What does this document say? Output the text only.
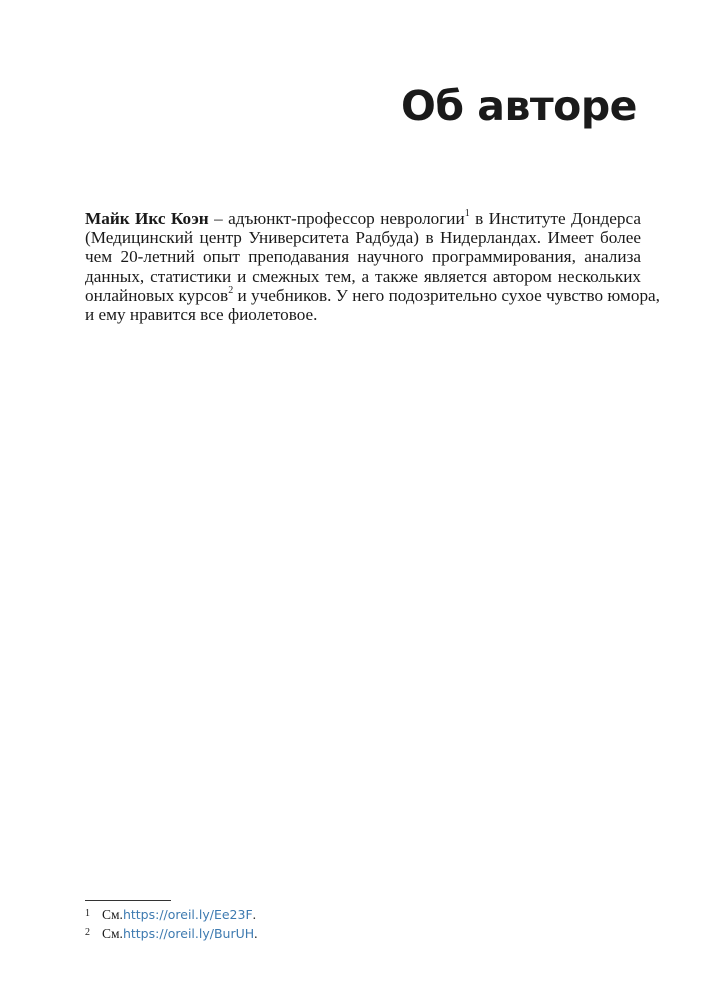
Об авторе
Майк Икс Коэн – адъюнкт-профессор неврологии$^1$ в Институте Дондерса
(Медицинский центр Университета Радбуда) в Нидерландах. Имеет более
чем 20-летний опыт преподавания научного программирования, анализа
данных, статистики и смежных тем, а также является автором нескольких
онлайновых курсов$^2$ и учебников. У него подозрительно сухое чувство юмора,
и ему нравится все фиолетовое.
1 См. https://oreil.ly/Ee23F .
2 См. https://oreil.ly/BurUH .
